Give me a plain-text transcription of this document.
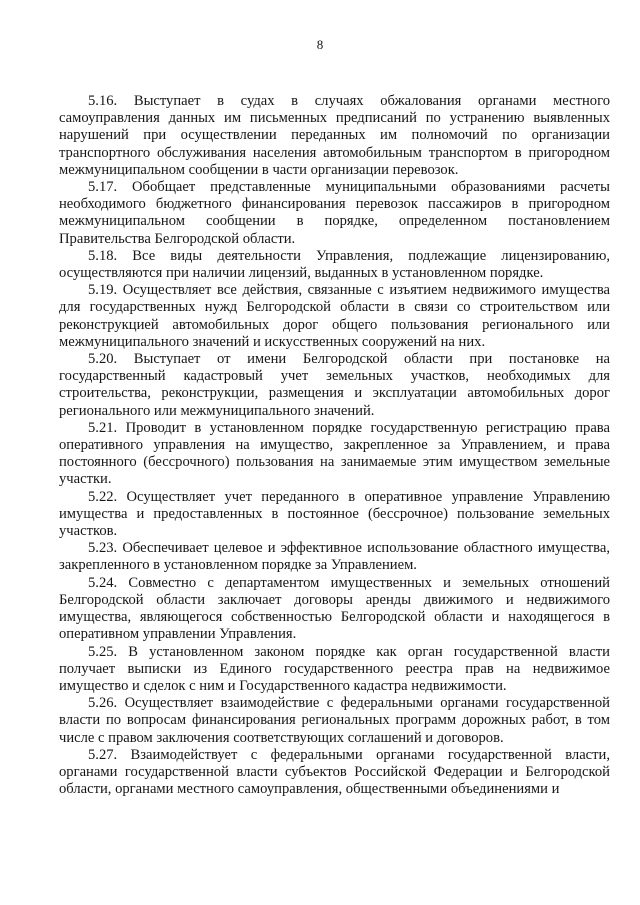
8

5.16. Выступает в судах в случаях обжалования органами местного самоуправления данных им письменных предписаний по устранению выявленных нарушений при осуществлении переданных им полномочий по организации транспортного обслуживания населения автомобильным транспортом в пригородном межмуниципальном сообщении в части организации перевозок.

5.17. Обобщает представленные муниципальными образованиями расчеты необходимого бюджетного финансирования перевозок пассажиров в пригородном межмуниципальном сообщении в порядке, определенном постановлением Правительства Белгородской области.

5.18. Все виды деятельности Управления, подлежащие лицензированию, осуществляются при наличии лицензий, выданных в установленном порядке.

5.19. Осуществляет все действия, связанные с изъятием недвижимого имущества для государственных нужд Белгородской области в связи со строительством или реконструкцией автомобильных дорог общего пользования регионального или межмуниципального значений и искусственных сооружений на них.

5.20. Выступает от имени Белгородской области при постановке на государственный кадастровый учет земельных участков, необходимых для строительства, реконструкции, размещения и эксплуатации автомобильных дорог регионального или межмуниципального значений.

5.21. Проводит в установленном порядке государственную регистрацию права оперативного управления на имущество, закрепленное за Управлением, и права постоянного (бессрочного) пользования на занимаемые этим имуществом земельные участки.

5.22. Осуществляет учет переданного в оперативное управление Управлению имущества и предоставленных в постоянное (бессрочное) пользование земельных участков.

5.23. Обеспечивает целевое и эффективное использование областного имущества, закрепленного в установленном порядке за Управлением.

5.24. Совместно с департаментом имущественных и земельных отношений Белгородской области заключает договоры аренды движимого и недвижимого имущества, являющегося собственностью Белгородской области и находящегося в оперативном управлении Управления.

5.25. В установленном законом порядке как орган государственной власти получает выписки из Единого государственного реестра прав на недвижимое имущество и сделок с ним и Государственного кадастра недвижимости.

5.26. Осуществляет взаимодействие с федеральными органами государственной власти по вопросам финансирования региональных программ дорожных работ, в том числе с правом заключения соответствующих соглашений и договоров.

5.27. Взаимодействует с федеральными органами государственной власти, органами государственной власти субъектов Российской Федерации и Белгородской области, органами местного самоуправления, общественными объединениями и
